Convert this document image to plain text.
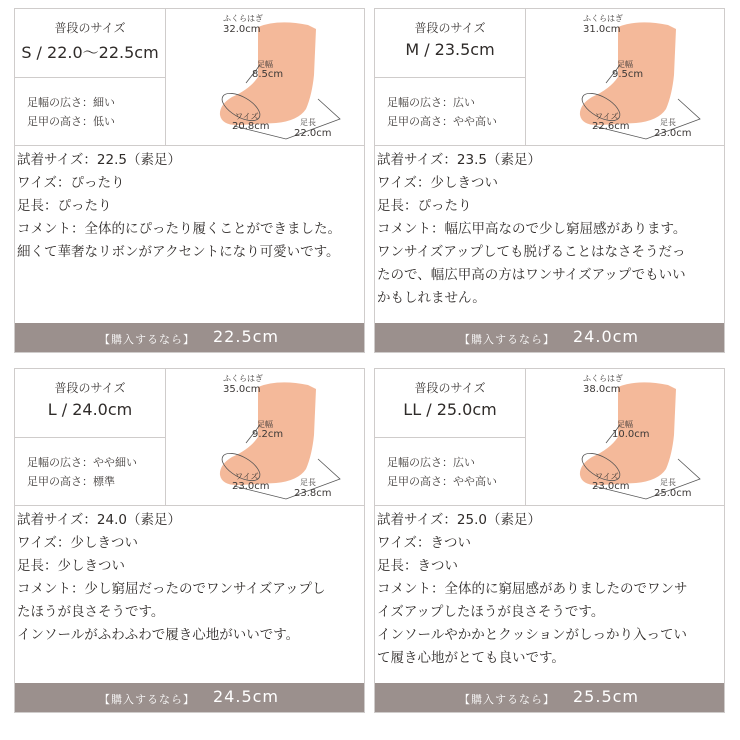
普段のサイズ
S / 22.0〜22.5cm
足幅の広さ：細い
足甲の高さ：低い
ふくらはぎ
32.0cm
足幅
8.5cm
ワイズ
20.8cm	足長
22.0cm

試着サイズ：22.5（素足）

ワイズ：ぴったり

足長：ぴったり

コメント：全体的にぴったり履くことができました。

細くて華奢なリボンがアクセントになり可愛いです。

【購入するなら】 22.5cm
普段のサイズ
M / 23.5cm
足幅の広さ：広い
足甲の高さ：やや高い
ふくらはぎ
31.0cm
足幅
9.5cm
ワイズ
22.6cm	足長
23.0cm

試着サイズ：23.5（素足）

ワイズ：少しきつい

足長：ぴったり

コメント：幅広甲高なので少し窮屈感があります。

ワンサイズアップしても脱げることはなさそうだっ

たので、幅広甲高の方はワンサイズアップでもいい

かもしれません。

【購入するなら】 24.0cm
普段のサイズ
L / 24.0cm
足幅の広さ：やや細い
足甲の高さ：標準
ふくらはぎ
35.0cm
足幅
9.2cm
ワイズ
23.0cm	足長
23.8cm

試着サイズ：24.0（素足）

ワイズ：少しきつい

足長：少しきつい

コメント：少し窮屈だったのでワンサイズアップし

たほうが良さそうです。

インソールがふわふわで履き心地がいいです。

【購入するなら】 24.5cm
普段のサイズ
LL / 25.0cm
足幅の広さ：広い
足甲の高さ：やや高い
ふくらはぎ
38.0cm
足幅
10.0cm
ワイズ
23.0cm	足長
25.0cm

試着サイズ：25.0（素足）

ワイズ：きつい

足長：きつい

コメント：全体的に窮屈感がありましたのでワンサ

イズアップしたほうが良さそうです。

インソールやかかとクッションがしっかり入ってい

て履き心地がとても良いです。

【購入するなら】 25.5cm
